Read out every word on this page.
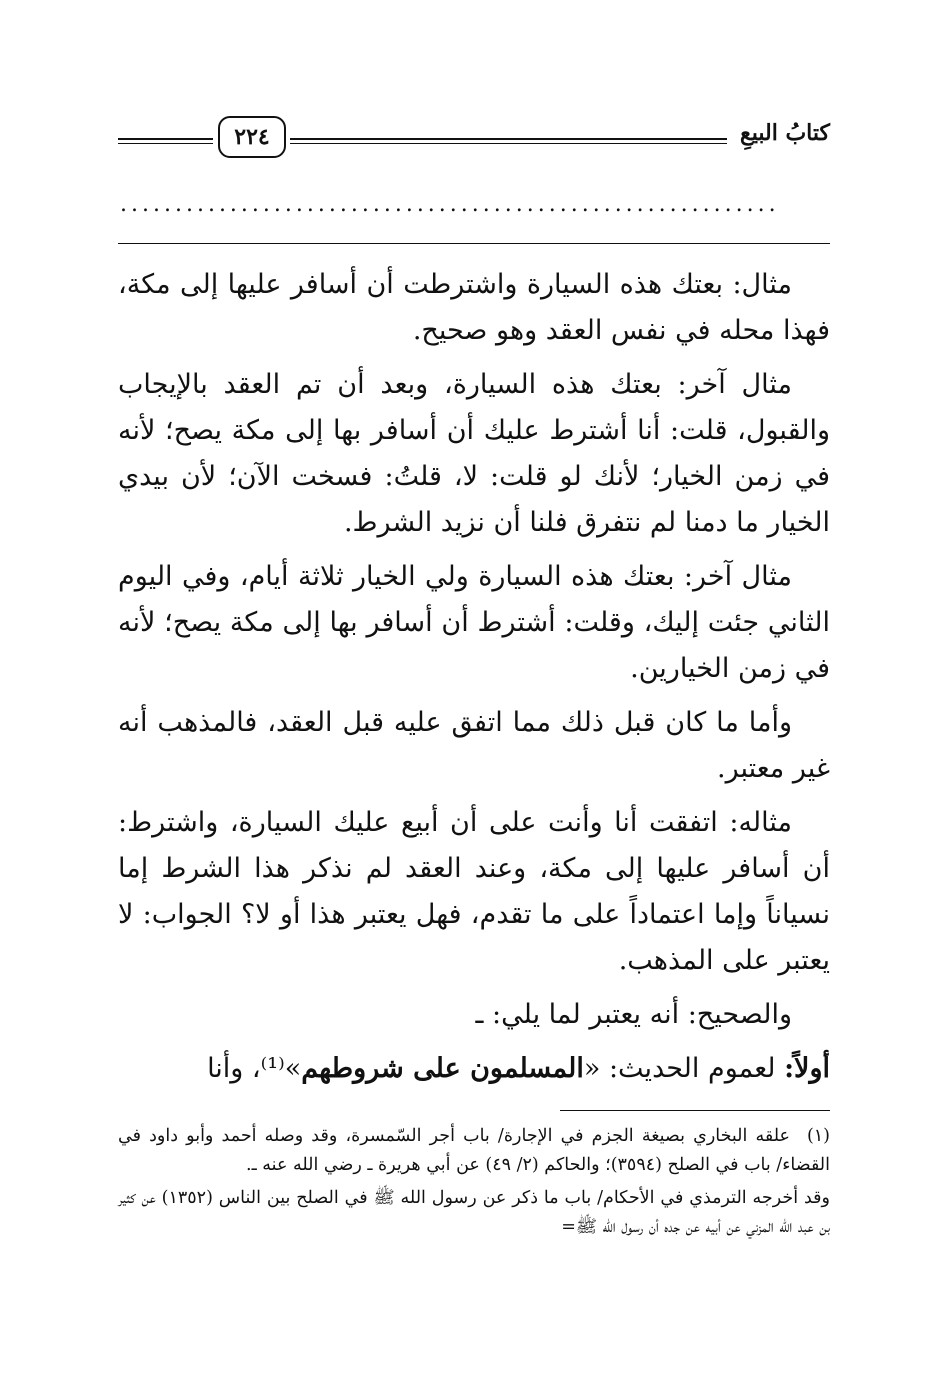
٢٢٤	كتابُ البيعِ
............................................................

مثال: بعتك هذه السيارة واشترطت أن أسافر عليها إلى مكة، فهذا محله في نفس العقد وهو صحيح.

مثال آخر: بعتك هذه السيارة، وبعد أن تم العقد بالإيجاب والقبول، قلت: أنا أشترط عليك أن أسافر بها إلى مكة يصح؛ لأنه في زمن الخيار؛ لأنك لو قلت: لا، قلتُ: فسخت الآن؛ لأن بيدي الخيار ما دمنا لم نتفرق فلنا أن نزيد الشرط.

مثال آخر: بعتك هذه السيارة ولي الخيار ثلاثة أيام، وفي اليوم الثاني جئت إليك، وقلت: أشترط أن أسافر بها إلى مكة يصح؛ لأنه في زمن الخيارين.

وأما ما كان قبل ذلك مما اتفق عليه قبل العقد، فالمذهب أنه غير معتبر.

مثاله: اتفقت أنا وأنت على أن أبيع عليك السيارة، واشترط: أن أسافر عليها إلى مكة، وعند العقد لم نذكر هذا الشرط إما نسياناً وإما اعتماداً على ما تقدم، فهل يعتبر هذا أو لا؟ الجواب: لا يعتبر على المذهب.

والصحيح: أنه يعتبر لما يلي: ـ

أولاً: لعموم الحديث: «المسلمون على شروطهم»⁽¹⁾، وأنا

(١)علقه البخاري بصيغة الجزم في الإجارة/ باب أجر السّمسرة، وقد وصله أحمد وأبو داود في القضاء/ باب في الصلح (٣٥٩٤)؛ والحاكم (٢/ ٤٩) عن أبي هريرة ـ رضي الله عنه ـ.

وقد أخرجه الترمذي في الأحكام/ باب ما ذكر عن رسول الله ﷺ في الصلح بين الناس (١٣٥٢) عن كثير بن عبد الله المزني عن أبيه عن جده أن رسول الله ﷺ=
